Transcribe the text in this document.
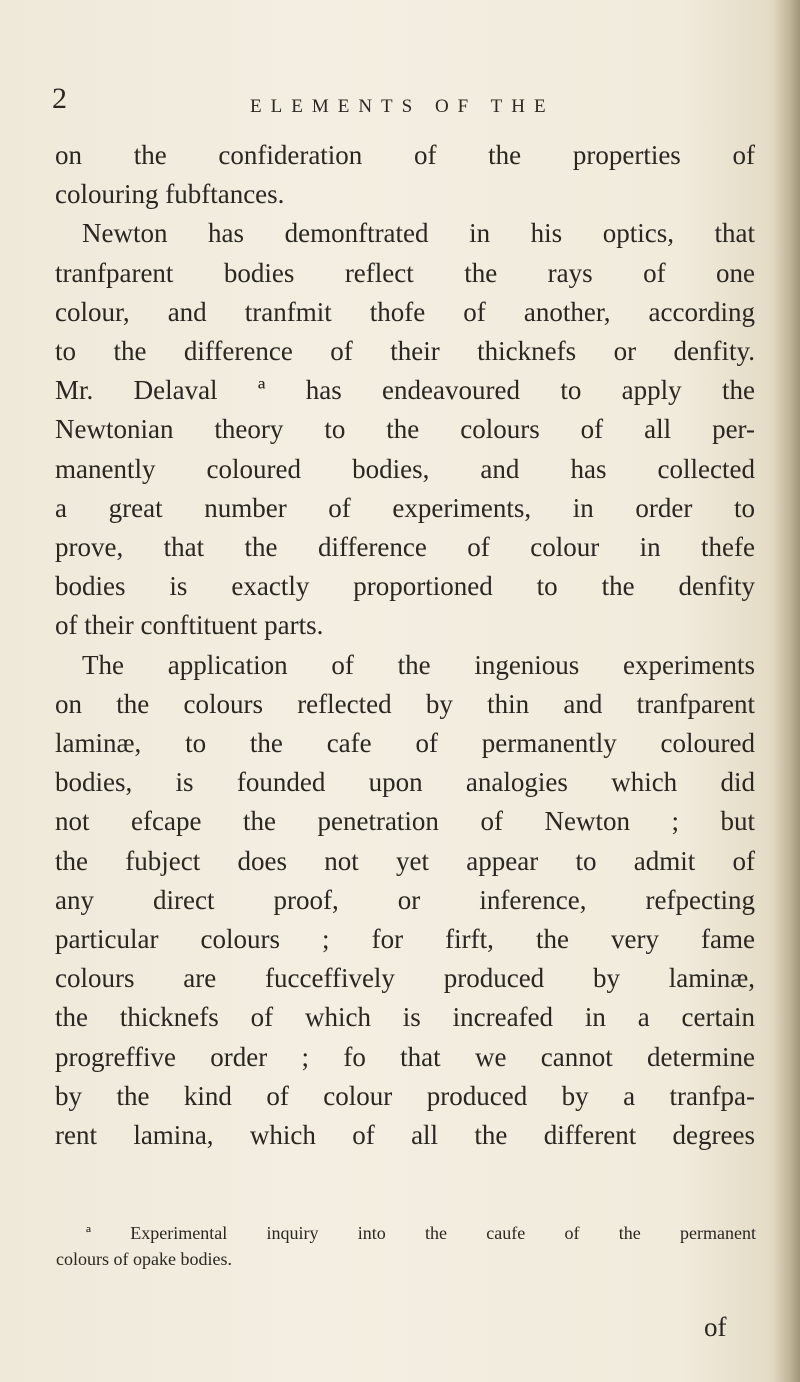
2	ELEMENTS OF THE
on the confideration of the properties of
colouring fubftances.
Newton has demonftrated in his optics, that
tranfparent bodies reflect the rays of one
colour, and tranfmit thofe of another, according
to the difference of their thicknefs or denfity.
Mr. Delaval ª has endeavoured to apply the
Newtonian theory to the colours of all per-
manently coloured bodies, and has collected
a great number of experiments, in order to
prove, that the difference of colour in thefe
bodies is exactly proportioned to the denfity
of their conftituent parts.
The application of the ingenious experiments
on the colours reflected by thin and tranfparent
laminæ, to the cafe of permanently coloured
bodies, is founded upon analogies which did
not efcape the penetration of Newton ; but
the fubject does not yet appear to admit of
any direct proof, or inference, refpecting
particular colours ; for firft, the very fame
colours are fucceffively produced by laminæ,
the thicknefs of which is increafed in a certain
progreffive order ; fo that we cannot determine
by the kind of colour produced by a tranfpa-
rent lamina, which of all the different degrees
ª Experimental inquiry into the caufe of the permanent
colours of opake bodies.
of
